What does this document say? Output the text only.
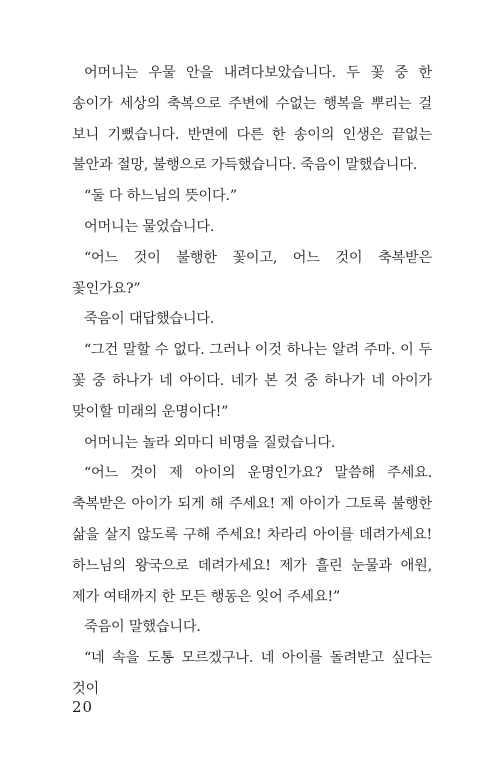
어머니는 우물 안을 내려다보았습니다. 두 꽃 중 한 송이가 세상의 축복으로 주변에 수없는 행복을 뿌리는 걸 보니 기뻤습니다. 반면에 다른 한 송이의 인생은 끝없는 불안과 절망, 불행으로 가득했습니다. 죽음이 말했습니다.

“둘 다 하느님의 뜻이다.”

어머니는 물었습니다.

“어느 것이 불행한 꽃이고, 어느 것이 축복받은 꽃인가요?”

죽음이 대답했습니다.

“그건 말할 수 없다. 그러나 이것 하나는 알려 주마. 이 두 꽃 중 하나가 네 아이다. 네가 본 것 중 하나가 네 아이가 맞이할 미래의 운명이다!”

어머니는 놀라 외마디 비명을 질렀습니다.

“어느 것이 제 아이의 운명인가요? 말씀해 주세요. 축복받은 아이가 되게 해 주세요! 제 아이가 그토록 불행한 삶을 살지 않도록 구해 주세요! 차라리 아이를 데려가세요! 하느님의 왕국으로 데려가세요! 제가 흘린 눈물과 애원, 제가 여태까지 한 모든 행동은 잊어 주세요!”

죽음이 말했습니다.

“네 속을 도통 모르겠구나. 네 아이를 돌려받고 싶다는 것이

20
